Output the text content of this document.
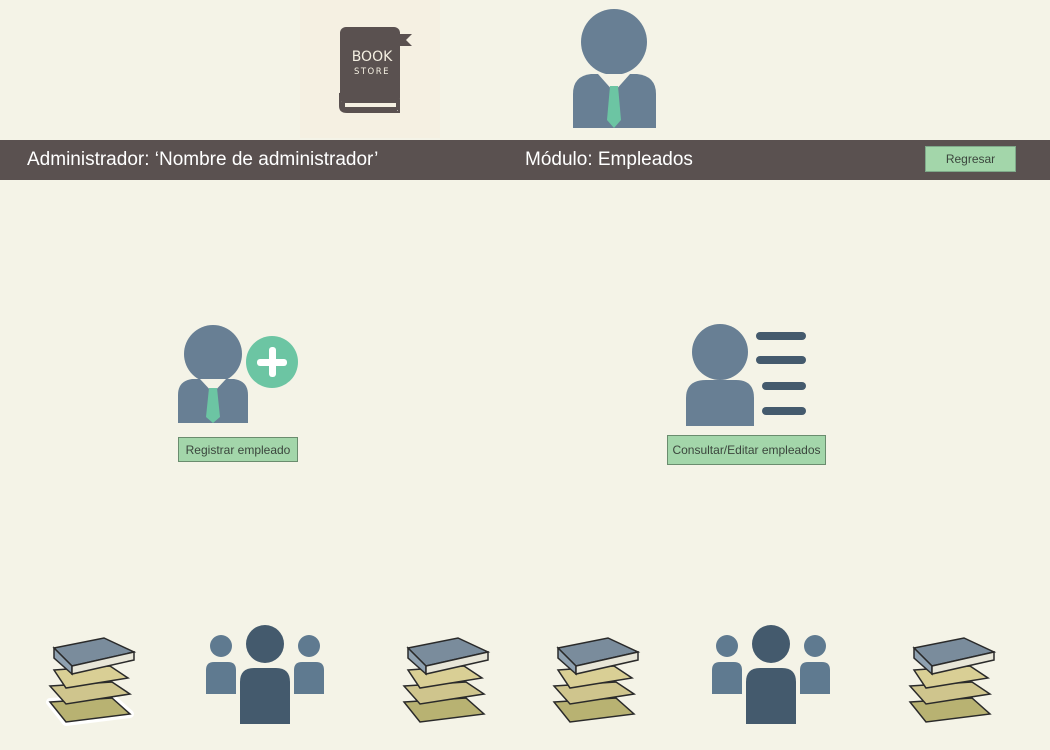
BOOK
STORE
Administrador: ‘Nombre de administrador’	Módulo: Empleados	Regresar
Registrar empleado	Consultar/Editar empleados
